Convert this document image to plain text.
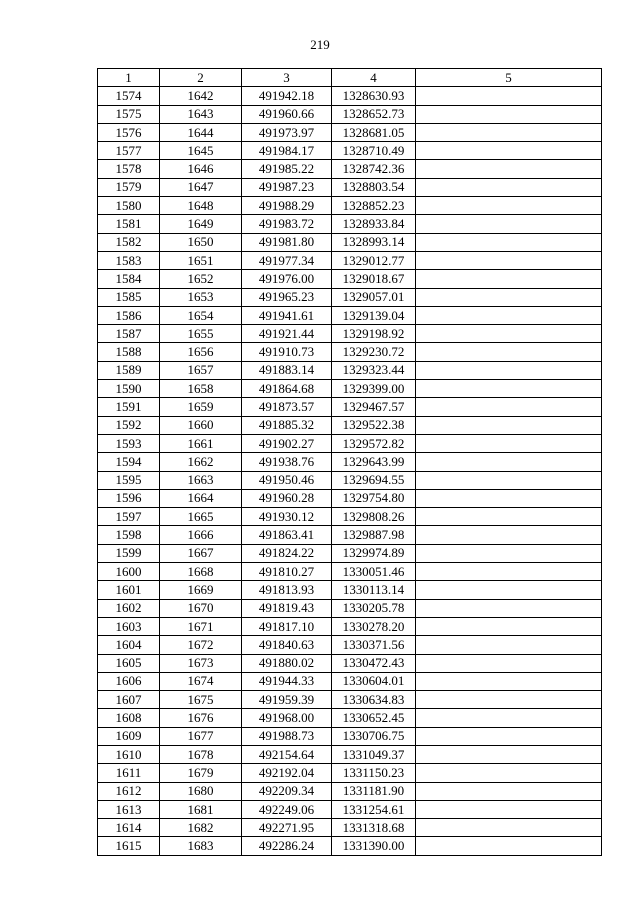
219
1	2	3	4	5
1574	1642	491942.18	1328630.93	
1575	1643	491960.66	1328652.73	
1576	1644	491973.97	1328681.05	
1577	1645	491984.17	1328710.49	
1578	1646	491985.22	1328742.36	
1579	1647	491987.23	1328803.54	
1580	1648	491988.29	1328852.23	
1581	1649	491983.72	1328933.84	
1582	1650	491981.80	1328993.14	
1583	1651	491977.34	1329012.77	
1584	1652	491976.00	1329018.67	
1585	1653	491965.23	1329057.01	
1586	1654	491941.61	1329139.04	
1587	1655	491921.44	1329198.92	
1588	1656	491910.73	1329230.72	
1589	1657	491883.14	1329323.44	
1590	1658	491864.68	1329399.00	
1591	1659	491873.57	1329467.57	
1592	1660	491885.32	1329522.38	
1593	1661	491902.27	1329572.82	
1594	1662	491938.76	1329643.99	
1595	1663	491950.46	1329694.55	
1596	1664	491960.28	1329754.80	
1597	1665	491930.12	1329808.26	
1598	1666	491863.41	1329887.98	
1599	1667	491824.22	1329974.89	
1600	1668	491810.27	1330051.46	
1601	1669	491813.93	1330113.14	
1602	1670	491819.43	1330205.78	
1603	1671	491817.10	1330278.20	
1604	1672	491840.63	1330371.56	
1605	1673	491880.02	1330472.43	
1606	1674	491944.33	1330604.01	
1607	1675	491959.39	1330634.83	
1608	1676	491968.00	1330652.45	
1609	1677	491988.73	1330706.75	
1610	1678	492154.64	1331049.37	
1611	1679	492192.04	1331150.23	
1612	1680	492209.34	1331181.90	
1613	1681	492249.06	1331254.61	
1614	1682	492271.95	1331318.68	
1615	1683	492286.24	1331390.00	
